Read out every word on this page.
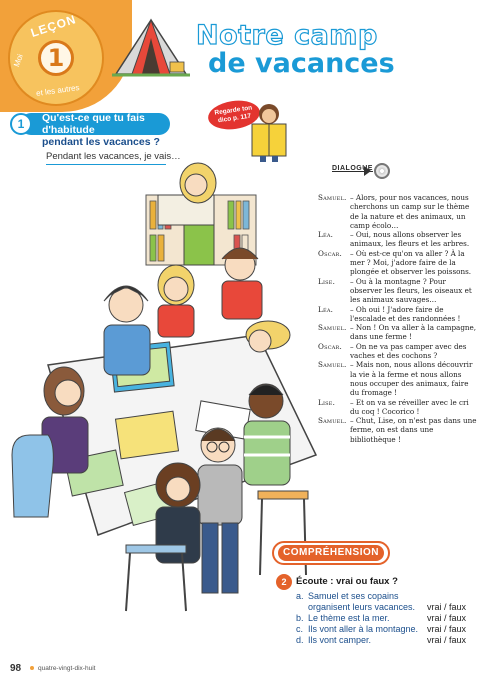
LEÇON
1
Moi
et les autres
Notre camp
de vacances
1	Qu'est-ce que tu fais d'habitude
pendant les vacances ?
Pendant les vacances, je vais…
Regarde ton dico p. 117
DIALOGUE
Samuel. – Alors, pour nos vacances, nous cherchons un camp sur le thème de la nature et des animaux, un camp écolo…
Léa.	– Oui, nous allons observer les animaux, les fleurs et les arbres.
Oscar.	– Où est-ce qu'on va aller ? À la mer ? Moi, j'adore faire de la plongée et observer les poissons.
Lise.	– Ou à la montagne ? Pour observer les fleurs, les oiseaux et les animaux sauvages…
Léa.	– Oh oui ! J'adore faire de l'escalade et des randonnées !
Samuel. – Non ! On va aller à la campagne, dans une ferme !
Oscar.	– On ne va pas camper avec des vaches et des cochons ?
Samuel. – Mais non, nous allons découvrir la vie à la ferme et nous allons nous occuper des animaux, faire du fromage !
Lise.	– Et on va se réveiller avec le cri du coq ! Cocorico !
Samuel. – Chut, Lise, on n'est pas dans une ferme, on est dans une bibliothèque !
COMPRÉHENSION
2	Écoute : vrai ou faux ?
a. Samuel et ses copains
organisent leurs vacances. vrai / faux
b. Le thème est la mer.	vrai / faux
c. Ils vont aller à la montagne. vrai / faux
d. Ils vont camper.	vrai / faux
98	quatre-vingt-dix-huit
